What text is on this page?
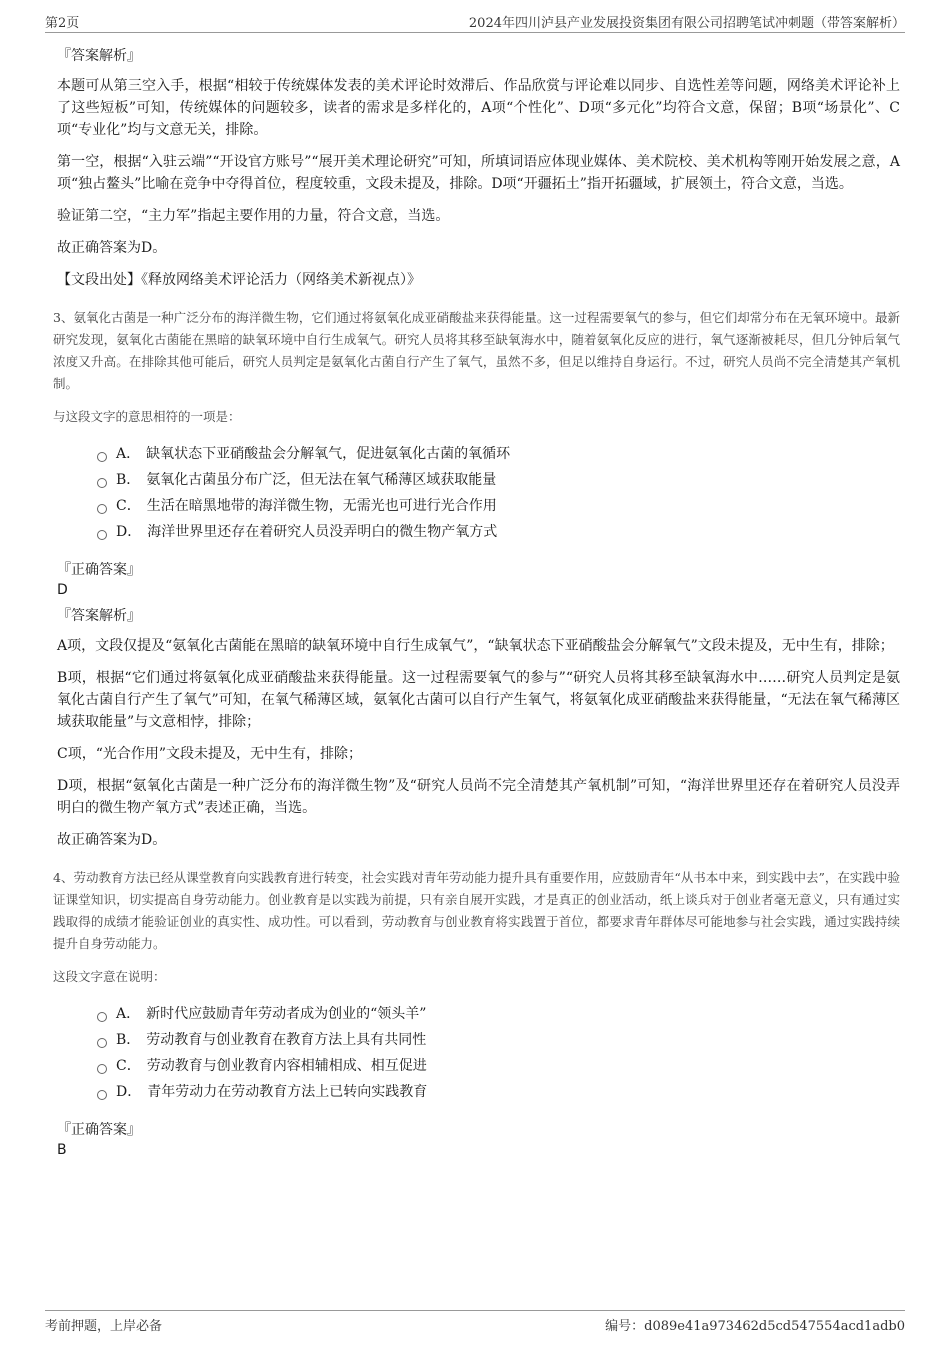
第2页	2024年四川泸县产业发展投资集团有限公司招聘笔试冲刺题（带答案解析）

『答案解析』

本题可从第三空入手，根据“相较于传统媒体发表的美术评论时效滞后、作品欣赏与评论难以同步、自选性差等问题，网络美术评论补上了这些短板”可知，传统媒体的问题较多，读者的需求是多样化的，A项“个性化”、D项“多元化”均符合文意，保留；B项“场景化”、C项“专业化”均与文意无关，排除。

第一空，根据“入驻云端”“开设官方账号”“展开美术理论研究”可知，所填词语应体现业媒体、美术院校、美术机构等刚开始发展之意，A项“独占鳌头”比喻在竞争中夺得首位，程度较重，文段未提及，排除。D项“开疆拓土”指开拓疆域，扩展领土，符合文意，当选。

验证第二空，“主力军”指起主要作用的力量，符合文意，当选。

故正确答案为D。

【文段出处】《释放网络美术评论活力（网络美术新视点）》

3、氨氧化古菌是一种广泛分布的海洋微生物，它们通过将氨氧化成亚硝酸盐来获得能量。这一过程需要氧气的参与，但它们却常分布在无氧环境中。最新研究发现，氨氧化古菌能在黑暗的缺氧环境中自行生成氧气。研究人员将其移至缺氧海水中，随着氨氧化反应的进行，氧气逐渐被耗尽，但几分钟后氧气浓度又升高。在排除其他可能后，研究人员判定是氨氧化古菌自行产生了氧气，虽然不多，但足以维持自身运行。不过，研究人员尚不完全清楚其产氧机制。

与这段文字的意思相符的一项是：

A． 缺氧状态下亚硝酸盐会分解氧气，促进氨氧化古菌的氧循环
B． 氨氧化古菌虽分布广泛，但无法在氧气稀薄区域获取能量
C． 生活在暗黑地带的海洋微生物，无需光也可进行光合作用
D． 海洋世界里还存在着研究人员没弄明白的微生物产氧方式

『正确答案』

D

『答案解析』

A项，文段仅提及“氨氧化古菌能在黑暗的缺氧环境中自行生成氧气”，“缺氧状态下亚硝酸盐会分解氧气”文段未提及，无中生有，排除；

B项，根据“它们通过将氨氧化成亚硝酸盐来获得能量。这一过程需要氧气的参与”“研究人员将其移至缺氧海水中……研究人员判定是氨氧化古菌自行产生了氧气”可知，在氧气稀薄区域，氨氧化古菌可以自行产生氧气，将氨氧化成亚硝酸盐来获得能量，“无法在氧气稀薄区域获取能量”与文意相悖，排除；

C项，“光合作用”文段未提及，无中生有，排除；

D项，根据“氨氧化古菌是一种广泛分布的海洋微生物”及“研究人员尚不完全清楚其产氧机制”可知，“海洋世界里还存在着研究人员没弄明白的微生物产氧方式”表述正确，当选。

故正确答案为D。

4、劳动教育方法已经从课堂教育向实践教育进行转变，社会实践对青年劳动能力提升具有重要作用，应鼓励青年“从书本中来，到实践中去”，在实践中验证课堂知识，切实提高自身劳动能力。创业教育是以实践为前提，只有亲自展开实践，才是真正的创业活动，纸上谈兵对于创业者毫无意义，只有通过实践取得的成绩才能验证创业的真实性、成功性。可以看到，劳动教育与创业教育将实践置于首位，都要求青年群体尽可能地参与社会实践，通过实践持续提升自身劳动能力。

这段文字意在说明：

A． 新时代应鼓励青年劳动者成为创业的“领头羊”
B． 劳动教育与创业教育在教育方法上具有共同性
C． 劳动教育与创业教育内容相辅相成、相互促进
D． 青年劳动力在劳动教育方法上已转向实践教育

『正确答案』

B

考前押题，上岸必备	编号：d089e41a973462d5cd547554acd1adb0
